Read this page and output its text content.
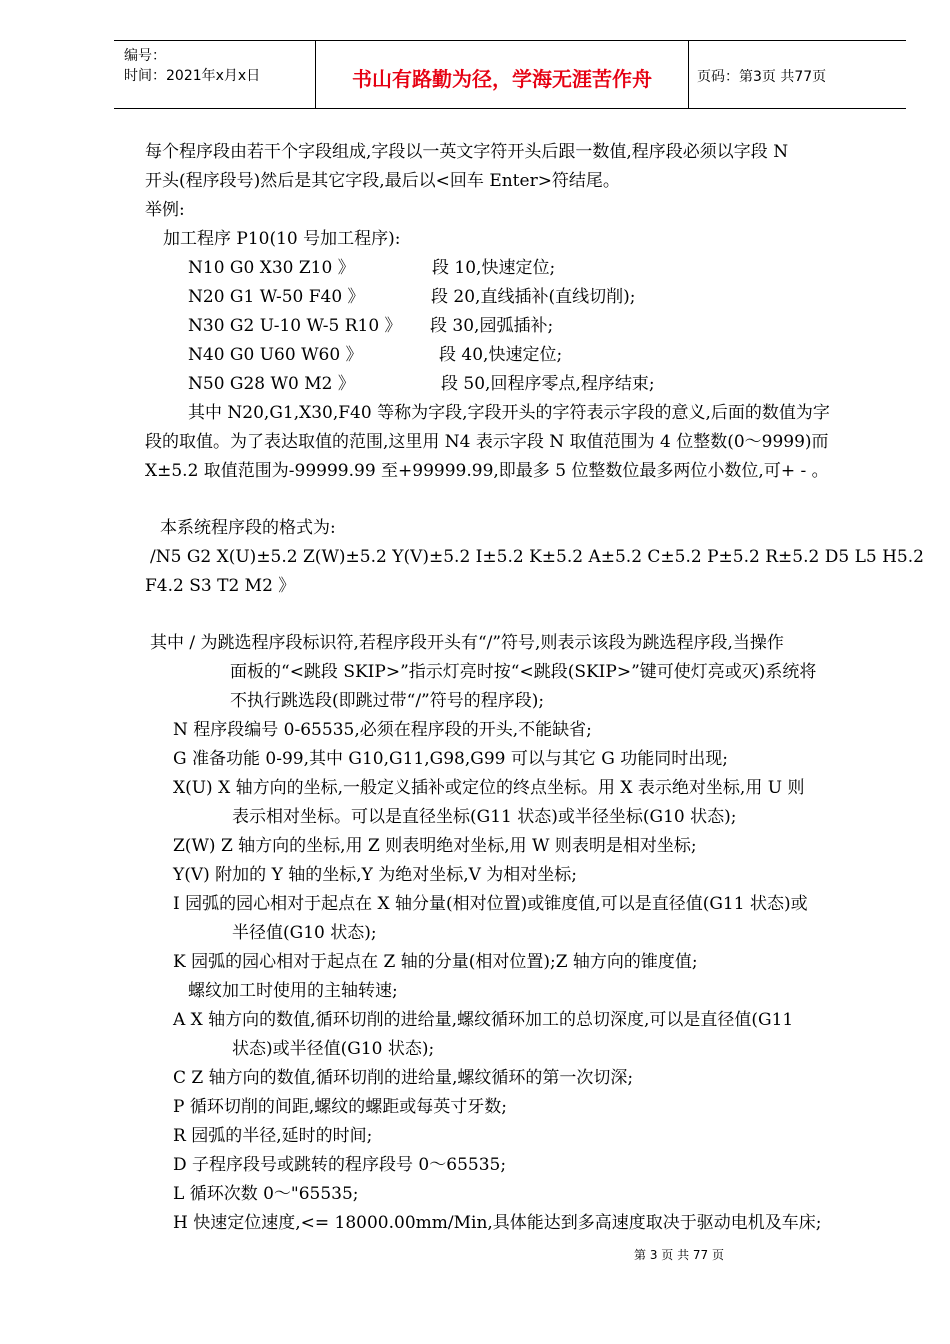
编号：
时间：2021年x月x日	书山有路勤为径，学海无涯苦作舟	页码：第3页 共77页
每个程序段由若干个字段组成,字段以一英文字符开头后跟一数值,程序段必须以字段 N
开头(程序段号)然后是其它字段,最后以<回车 Enter>符结尾。
举例:
加工程序 P10(10 号加工程序):
N10 G0 X30 Z10 》	段 10,快速定位;
N20 G1 W-50 F40 》	段 20,直线插补(直线切削);
N30 G2 U-10 W-5 R10 》 段 30,园弧插补;
N40 G0 U60 W60 》	段 40,快速定位;
N50 G28 W0 M2 》	段 50,回程序零点,程序结束;
其中 N20,G1,X30,F40 等称为字段,字段开头的字符表示字段的意义,后面的数值为字
段的取值。为了表达取值的范围,这里用 N4 表示字段 N 取值范围为 4 位整数(0～9999)而
X±5.2 取值范围为-99999.99 至+99999.99,即最多 5 位整数位最多两位小数位,可+ - 。
本系统程序段的格式为:
/N5 G2 X(U)±5.2 Z(W)±5.2 Y(V)±5.2 I±5.2 K±5.2 A±5.2 C±5.2 P±5.2 R±5.2 D5 L5 H5.2
F4.2 S3 T2 M2 》
其中 / 为跳选程序段标识符,若程序段开头有“/”符号,则表示该段为跳选程序段,当操作
面板的“<跳段 SKIP>”指示灯亮时按“<跳段(SKIP>”键可使灯亮或灭)系统将
不执行跳选段(即跳过带“/”符号的程序段);
N 程序段编号 0-65535,必须在程序段的开头,不能缺省;
G 准备功能 0-99,其中 G10,G11,G98,G99 可以与其它 G 功能同时出现;
X(U) X 轴方向的坐标,一般定义插补或定位的终点坐标。用 X 表示绝对坐标,用 U 则
表示相对坐标。可以是直径坐标(G11 状态)或半径坐标(G10 状态);
Z(W) Z 轴方向的坐标,用 Z 则表明绝对坐标,用 W 则表明是相对坐标;
Y(V) 附加的 Y 轴的坐标,Y 为绝对坐标,V 为相对坐标;
I 园弧的园心相对于起点在 X 轴分量(相对位置)或锥度值,可以是直径值(G11 状态)或
半径值(G10 状态);
K 园弧的园心相对于起点在 Z 轴的分量(相对位置);Z 轴方向的锥度值;
螺纹加工时使用的主轴转速;
A X 轴方向的数值,循环切削的进给量,螺纹循环加工的总切深度,可以是直径值(G11
状态)或半径值(G10 状态);
C Z 轴方向的数值,循环切削的进给量,螺纹循环的第一次切深;
P 循环切削的间距,螺纹的螺距或每英寸牙数;
R 园弧的半径,延时的时间;
D 子程序段号或跳转的程序段号 0～65535;
L 循环次数 0～"65535;
H 快速定位速度,<= 18000.00mm/Min,具体能达到多高速度取决于驱动电机及车床;
第 3 页 共 77 页
